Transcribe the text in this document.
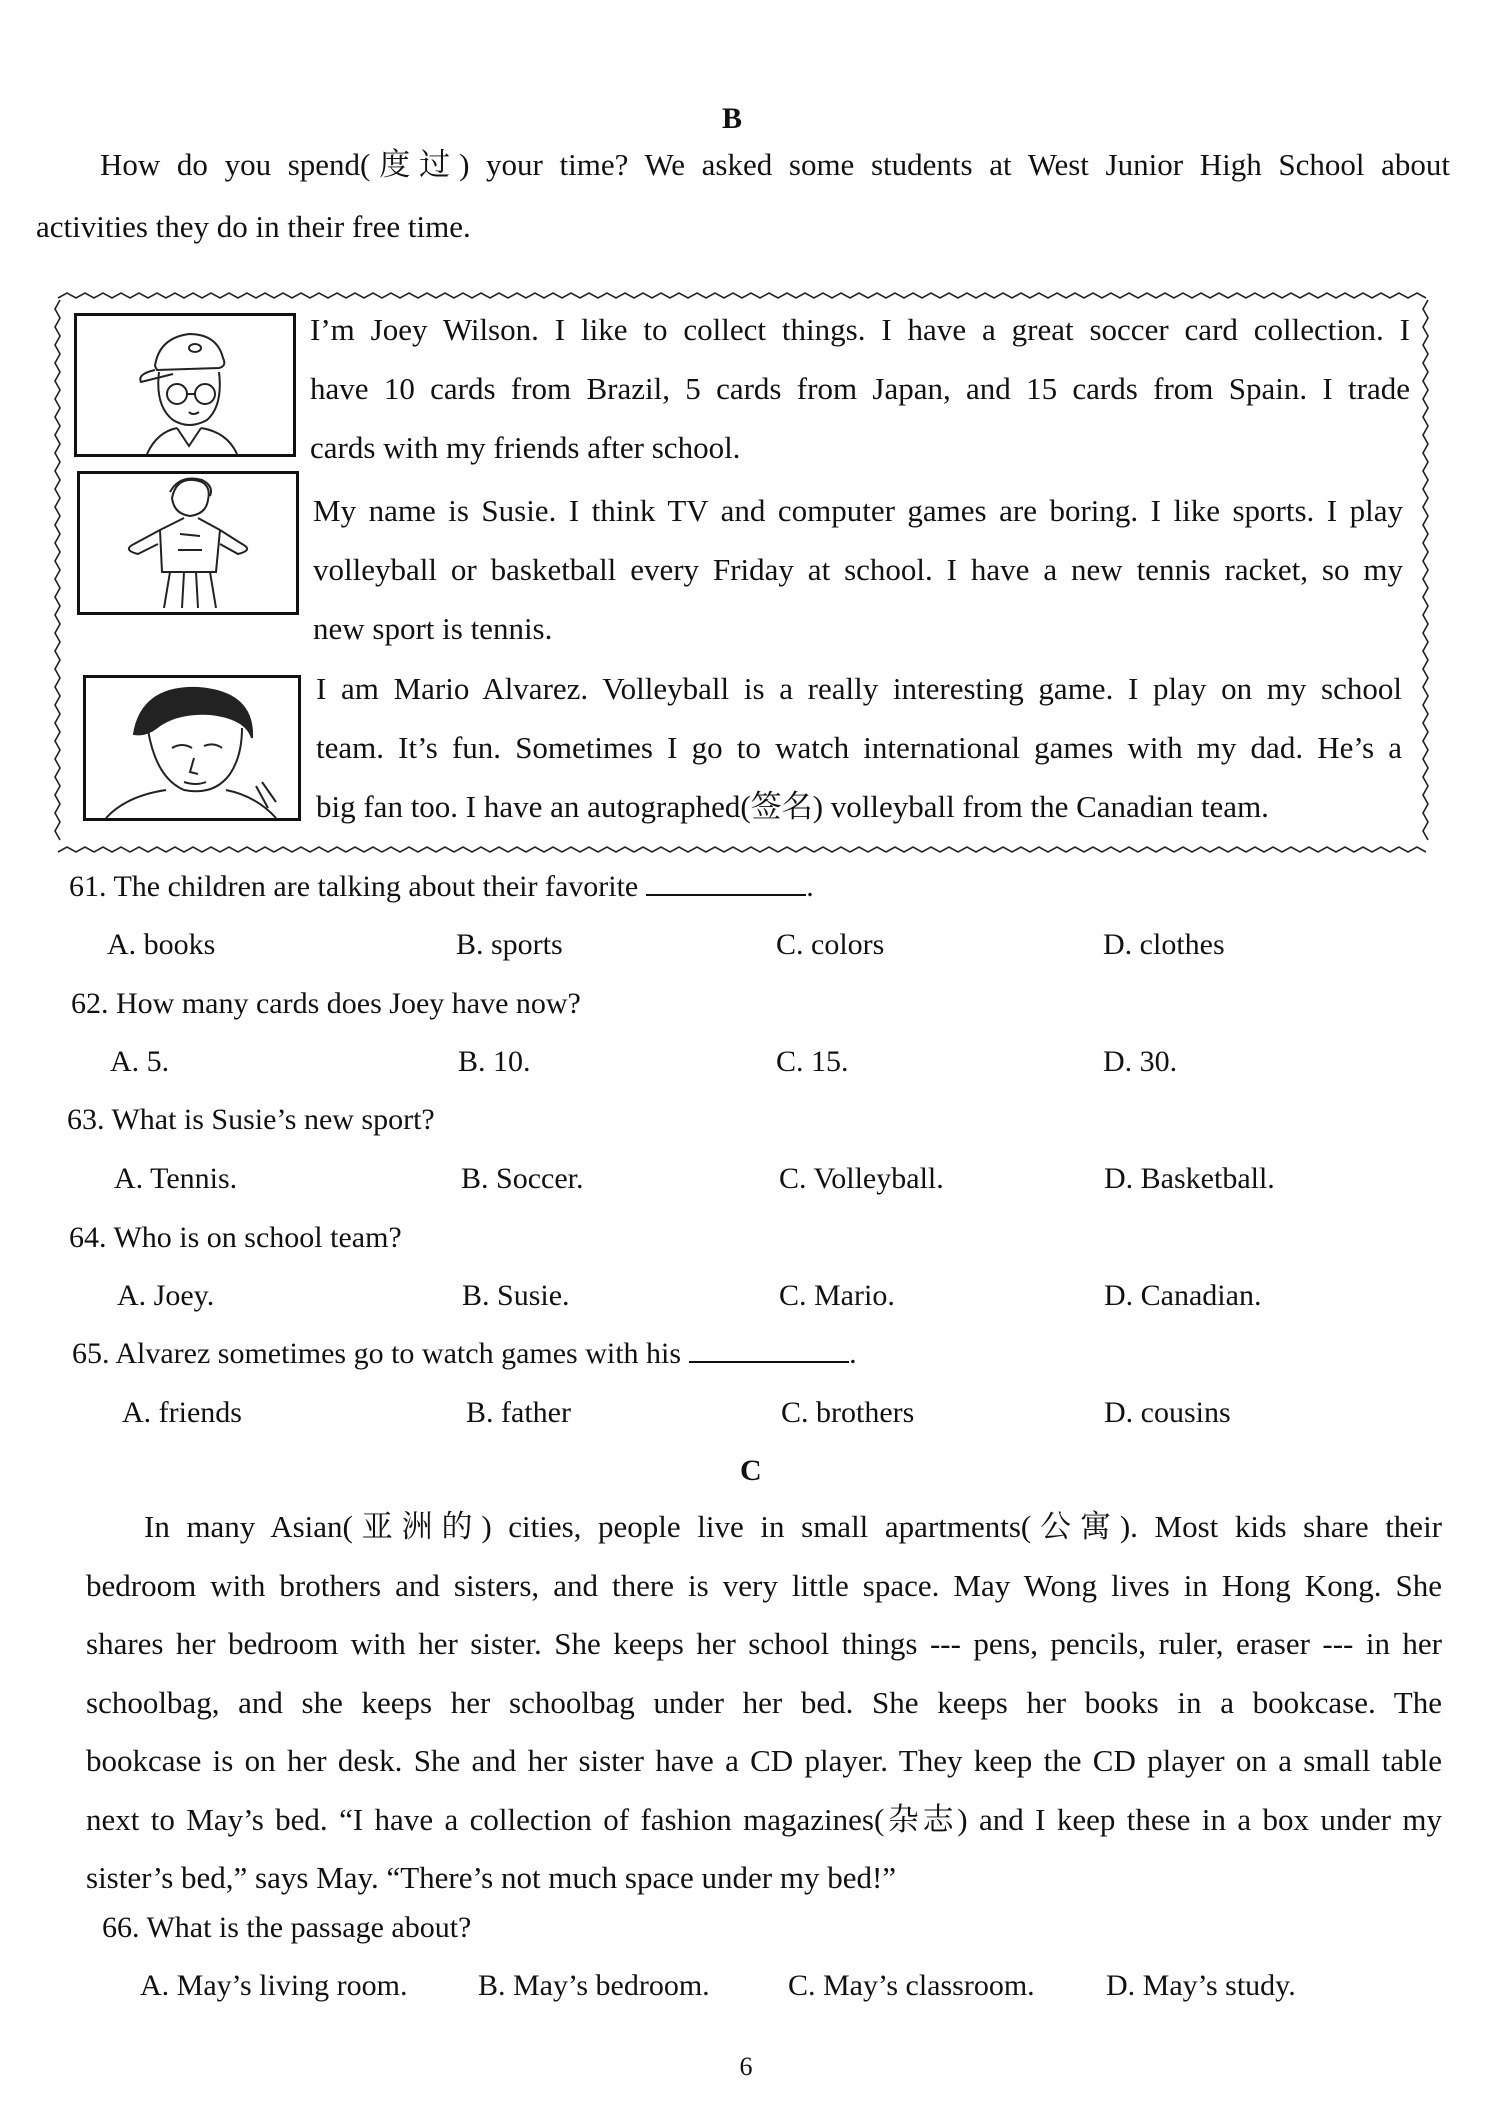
B
How do you spend(度过) your time? We asked some students at West Junior High School about
activities they do in their free time.
I’m Joey Wilson. I like to collect things. I have a great soccer card collection. I
have 10 cards from Brazil, 5 cards from Japan, and 15 cards from Spain. I trade
cards with my friends after school.
My name is Susie. I think TV and computer games are boring. I like sports. I play
volleyball or basketball every Friday at school. I have a new tennis racket, so my
new sport is tennis.
I am Mario Alvarez. Volleyball is a really interesting game. I play on my school
team. It’s fun. Sometimes I go to watch international games with my dad. He’s a
big fan too. I have an autographed(签名) volleyball from the Canadian team.
61. The children are talking about their favorite	.
A. books	B. sports	C. colors	D. clothes
62. How many cards does Joey have now?
A. 5.	B. 10.	C. 15.	D. 30.
63. What is Susie’s new sport?
A. Tennis.	B. Soccer.	C. Volleyball.	D. Basketball.
64. Who is on school team?
A. Joey.	B. Susie.	C. Mario.	D. Canadian.
65. Alvarez sometimes go to watch games with his	.
A. friends	B. father	C. brothers	D. cousins
C
In many Asian(亚洲的) cities, people live in small apartments(公寓). Most kids share their
bedroom with brothers and sisters, and there is very little space. May Wong lives in Hong Kong. She
shares her bedroom with her sister. She keeps her school things --- pens, pencils, ruler, eraser --- in her
schoolbag, and she keeps her schoolbag under her bed. She keeps her books in a bookcase. The
bookcase is on her desk. She and her sister have a CD player. They keep the CD player on a small table
next to May’s bed. “I have a collection of fashion magazines(杂志) and I keep these in a box under my
sister’s bed,” says May. “There’s not much space under my bed!”
66. What is the passage about?
A. May’s living room. B. May’s bedroom.	C. May’s classroom. D. May’s study.
6
